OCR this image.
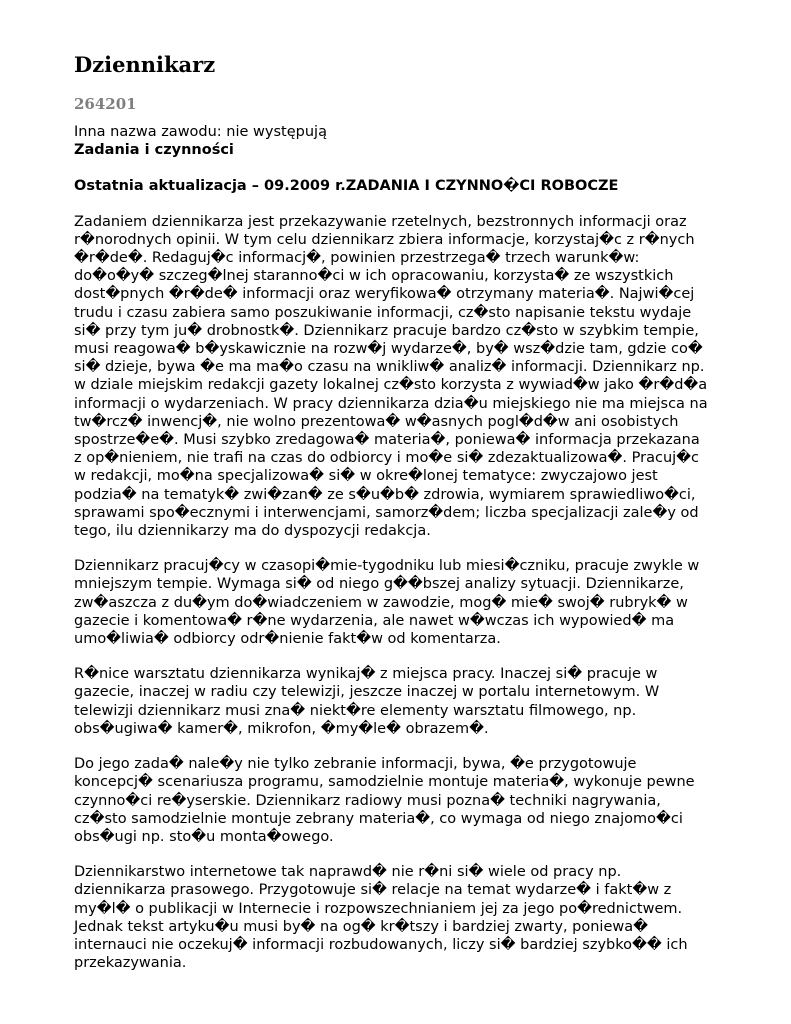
Dziennikarz
264201

Inna nazwa zawodu: nie występują

Zadania i czynności

Ostatnia aktualizacja – 09.2009 r.ZADANIA I CZYNNO�CI ROBOCZE

Zadaniem dziennikarza jest przekazywanie rzetelnych, bezstronnych informacji oraz
r�norodnych opinii. W tym celu dziennikarz zbiera informacje, korzystaj�c z r�nych
�r�de�. Redaguj�c informacj�, powinien przestrzega� trzech warunk�w:
do�o�y� szczeg�lnej staranno�ci w ich opracowaniu, korzysta� ze wszystkich
dost�pnych �r�de� informacji oraz weryfikowa� otrzymany materia�. Najwi�cej
trudu i czasu zabiera samo poszukiwanie informacji, cz�sto napisanie tekstu wydaje
si� przy tym ju� drobnostk�. Dziennikarz pracuje bardzo cz�sto w szybkim tempie,
musi reagowa� b�yskawicznie na rozw�j wydarze�, by� wsz�dzie tam, gdzie co�
si� dzieje, bywa �e ma ma�o czasu na wnikliw� analiz� informacji. Dziennikarz np.
w dziale miejskim redakcji gazety lokalnej cz�sto korzysta z wywiad�w jako �r�d�a
informacji o wydarzeniach. W pracy dziennikarza dzia�u miejskiego nie ma miejsca na
tw�rcz� inwencj�, nie wolno prezentowa� w�asnych pogl�d�w ani osobistych
spostrze�e�. Musi szybko zredagowa� materia�, poniewa� informacja przekazana
z op�nieniem, nie trafi na czas do odbiorcy i mo�e si� zdezaktualizowa�. Pracuj�c
w redakcji, mo�na specjalizowa� si� w okre�lonej tematyce: zwyczajowo jest
podzia� na tematyk� zwi�zan� ze s�u�b� zdrowia, wymiarem sprawiedliwo�ci,
sprawami spo�ecznymi i interwencjami, samorz�dem; liczba specjalizacji zale�y od
tego, ilu dziennikarzy ma do dyspozycji redakcja.

Dziennikarz pracuj�cy w czasopi�mie-tygodniku lub miesi�czniku, pracuje zwykle w
mniejszym tempie. Wymaga si� od niego g��bszej analizy sytuacji. Dziennikarze,
zw�aszcza z du�ym do�wiadczeniem w zawodzie, mog� mie� swoj� rubryk� w
gazecie i komentowa� r�ne wydarzenia, ale nawet w�wczas ich wypowied� ma
umo�liwia� odbiorcy odr�nienie fakt�w od komentarza.

R�nice warsztatu dziennikarza wynikaj� z miejsca pracy. Inaczej si� pracuje w
gazecie, inaczej w radiu czy telewizji, jeszcze inaczej w portalu internetowym. W
telewizji dziennikarz musi zna� niekt�re elementy warsztatu filmowego, np.
obs�ugiwa� kamer�, mikrofon, �my�le� obrazem�.

Do jego zada� nale�y nie tylko zebranie informacji, bywa, �e przygotowuje
koncepcj� scenariusza programu, samodzielnie montuje materia�, wykonuje pewne
czynno�ci re�yserskie. Dziennikarz radiowy musi pozna� techniki nagrywania,
cz�sto samodzielnie montuje zebrany materia�, co wymaga od niego znajomo�ci
obs�ugi np. sto�u monta�owego.

Dziennikarstwo internetowe tak naprawd� nie r�ni si� wiele od pracy np.
dziennikarza prasowego. Przygotowuje si� relacje na temat wydarze� i fakt�w z
my�l� o publikacji w Internecie i rozpowszechnianiem jej za jego po�rednictwem.
Jednak tekst artyku�u musi by� na og� kr�tszy i bardziej zwarty, poniewa�
internauci nie oczekuj� informacji rozbudowanych, liczy si� bardziej szybko�� ich
przekazywania.
